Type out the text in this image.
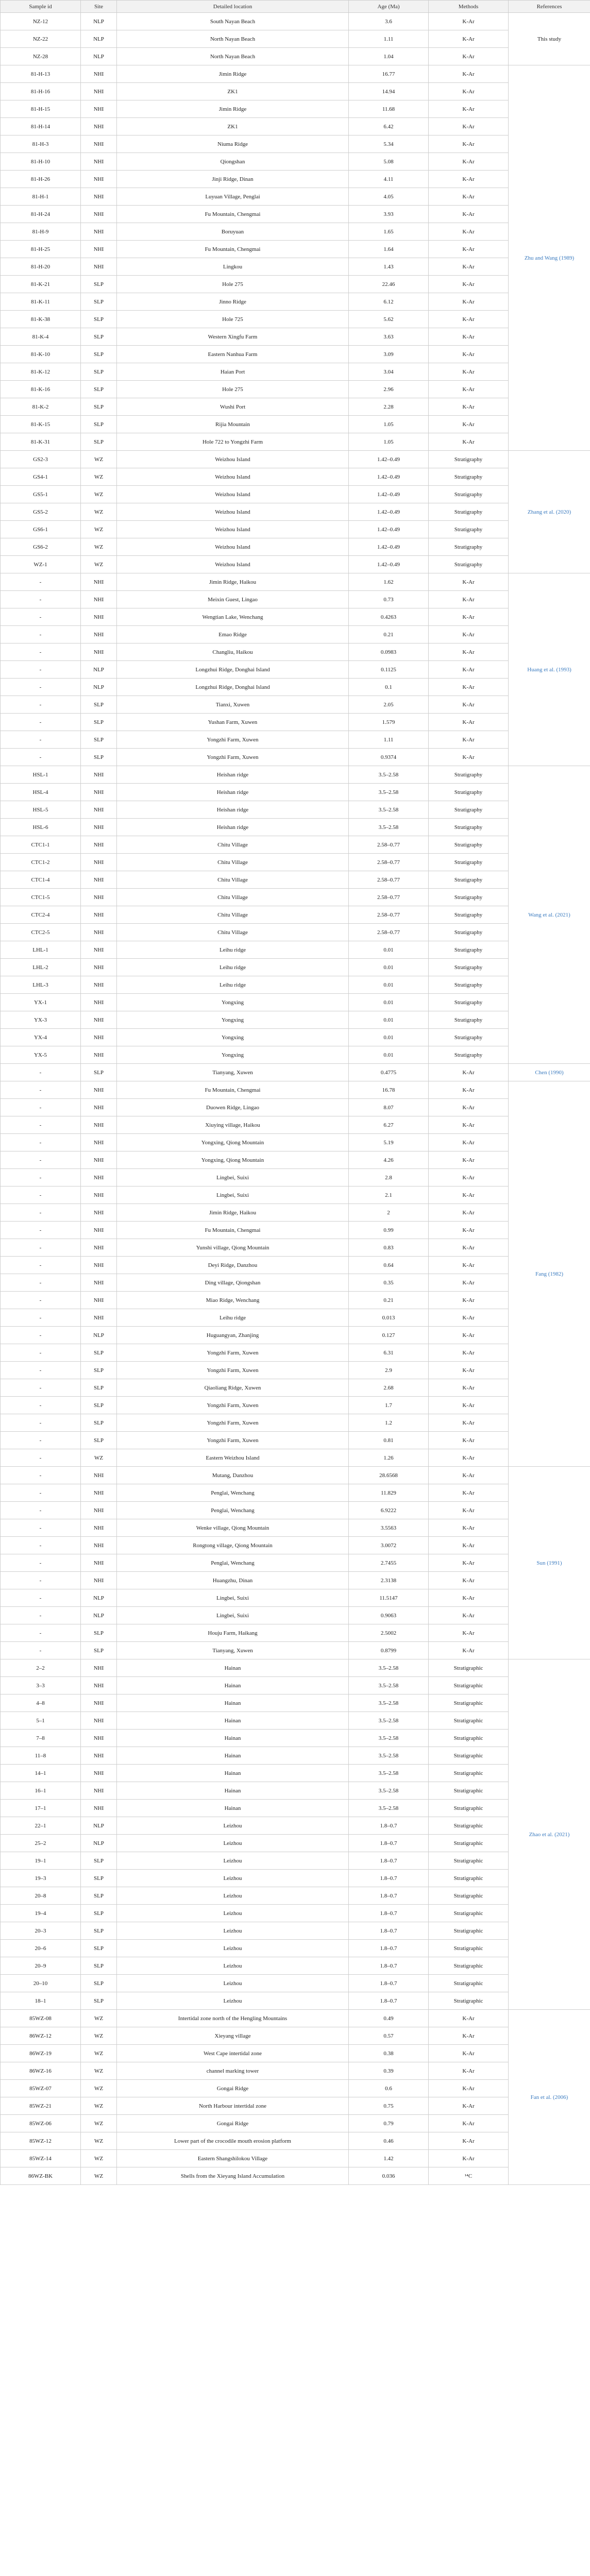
Sample id	Site	Detailed location	Age (Ma)	Methods	References
NZ-12	NLP	South Nayan Beach	3.6	K-Ar	This study
NZ-22	NLP	North Nayan Beach	1.11	K-Ar	
NZ-28	NLP	North Nayan Beach	1.04	K-Ar	
81-H-13	NHI	Jimin Ridge	16.77	K-Ar	Zhu and Wang (1989)
81-H-16	NHI	ZK1	14.94	K-Ar	
81-H-15	NHI	Jimin Ridge	11.68	K-Ar	
81-H-14	NHI	ZK1	6.42	K-Ar	
81-H-3	NHI	Niuma Ridge	5.34	K-Ar	
81-H-10	NHI	Qiongshan	5.08	K-Ar	
81-H-26	NHI	Jinji Ridge, Dinan	4.11	K-Ar	
81-H-1	NHI	Luyuan Village, Penglai	4.05	K-Ar	
81-H-24	NHI	Fu Mountain, Chengmai	3.93	K-Ar	
81-H-9	NHI	Boruyuan	1.65	K-Ar	
81-H-25	NHI	Fu Mountain, Chengmai	1.64	K-Ar	
81-H-20	NHI	Lingkou	1.43	K-Ar	
81-K-21	SLP	Hole 275	22.46	K-Ar	
81-K-11	SLP	Jinno Ridge	6.12	K-Ar	
81-K-38	SLP	Hole 725	5.62	K-Ar	
81-K-4	SLP	Western Xingfu Farm	3.63	K-Ar	
81-K-10	SLP	Eastern Nanhua Farm	3.09	K-Ar	
81-K-12	SLP	Haian Port	3.04	K-Ar	
81-K-16	SLP	Hole 275	2.96	K-Ar	
81-K-2	SLP	Wushi Port	2.28	K-Ar	
81-K-15	SLP	Rijia Mountain	1.05	K-Ar	
81-K-31	SLP	Hole 722 to Yongzhi Farm	1.05	K-Ar	
GS2-3	WZ	Weizhou Island	1.42–0.49	Stratigraphy	Zhang et al. (2020)
GS4-1	WZ	Weizhou Island	1.42–0.49	Stratigraphy	
GS5-1	WZ	Weizhou Island	1.42–0.49	Stratigraphy	
GS5-2	WZ	Weizhou Island	1.42–0.49	Stratigraphy	
GS6-1	WZ	Weizhou Island	1.42–0.49	Stratigraphy	
GS6-2	WZ	Weizhou Island	1.42–0.49	Stratigraphy	
WZ-1	WZ	Weizhou Island	1.42–0.49	Stratigraphy	
-	NHI	Jimin Ridge, Haikou	1.62	K-Ar	Huang et al. (1993)
-	NHI	Meixin Guest, Lingao	0.73	K-Ar	
-	NHI	Wengtian Lake, Wenchang	0.4263	K-Ar	
-	NHI	Emao Ridge	0.21	K-Ar	
-	NHI	Changliu, Haikou	0.0983	K-Ar	
-	NLP	Longzhui Ridge, Donghai Island	0.1125	K-Ar	
-	NLP	Longzhui Ridge, Donghai Island	0.1	K-Ar	
-	SLP	Tianxi, Xuwen	2.05	K-Ar	
-	SLP	Yushan Farm, Xuwen	1.579	K-Ar	
-	SLP	Yongzhi Farm, Xuwen	1.11	K-Ar	
-	SLP	Yongzhi Farm, Xuwen	0.9374	K-Ar	
HSL-1	NHI	Heishan ridge	3.5–2.58	Stratigraphy	Wang et al. (2021)
HSL-4	NHI	Heishan ridge	3.5–2.58	Stratigraphy	
HSL-5	NHI	Heishan ridge	3.5–2.58	Stratigraphy	
HSL-6	NHI	Heishan ridge	3.5–2.58	Stratigraphy	
CTC1-1	NHI	Chitu Village	2.58–0.77	Stratigraphy	
CTC1-2	NHI	Chitu Village	2.58–0.77	Stratigraphy	
CTC1-4	NHI	Chitu Village	2.58–0.77	Stratigraphy	
CTC1-5	NHI	Chitu Village	2.58–0.77	Stratigraphy	
CTC2-4	NHI	Chitu Village	2.58–0.77	Stratigraphy	
CTC2-5	NHI	Chitu Village	2.58–0.77	Stratigraphy	
LHL-1	NHI	Leihu ridge	0.01	Stratigraphy	
LHL-2	NHI	Leihu ridge	0.01	Stratigraphy	
LHL-3	NHI	Leihu ridge	0.01	Stratigraphy	
YX-1	NHI	Yongxing	0.01	Stratigraphy	
YX-3	NHI	Yongxing	0.01	Stratigraphy	
YX-4	NHI	Yongxing	0.01	Stratigraphy	
YX-5	NHI	Yongxing	0.01	Stratigraphy	
-	SLP	Tianyang, Xuwen	0.4775	K-Ar	Chen (1990)
-	NHI	Fu Mountain, Chengmai	16.78	K-Ar	Fang (1982)
-	NHI	Duowen Ridge, Lingao	8.07	K-Ar	
-	NHI	Xiuying village, Haikou	6.27	K-Ar	
-	NHI	Yongxing, Qiong Mountain	5.19	K-Ar	
-	NHI	Yongxing, Qiong Mountain	4.26	K-Ar	
-	NHI	Lingbei, Suixi	2.8	K-Ar	
-	NHI	Lingbei, Suixi	2.1	K-Ar	
-	NHI	Jimin Ridge, Haikou	2	K-Ar	
-	NHI	Fu Mountain, Chengmai	0.99	K-Ar	
-	NHI	Yunshi village, Qiong Mountain	0.83	K-Ar	
-	NHI	Deyi Ridge, Danzhou	0.64	K-Ar	
-	NHI	Ding village, Qiongshan	0.35	K-Ar	
-	NHI	Miao Ridge, Wenchang	0.21	K-Ar	
-	NHI	Leihu ridge	0.013	K-Ar	
-	NLP	Huguangyan, Zhanjing	0.127	K-Ar	
-	SLP	Yongzhi Farm, Xuwen	6.31	K-Ar	
-	SLP	Yongzhi Farm, Xuwen	2.9	K-Ar	
-	SLP	Qiaoliang Ridge, Xuwen	2.68	K-Ar	
-	SLP	Yongzhi Farm, Xuwen	1.7	K-Ar	
-	SLP	Yongzhi Farm, Xuwen	1.2	K-Ar	
-	SLP	Yongzhi Farm, Xuwen	0.81	K-Ar	
-	WZ	Eastern Weizhou Island	1.26	K-Ar	
-	NHI	Mutang, Danzhou	28.6568	K-Ar	Sun (1991)
-	NHI	Penglai, Wenchang	11.829	K-Ar	
-	NHI	Penglai, Wenchang	6.9222	K-Ar	
-	NHI	Wenke village, Qiong Mountain	3.5563	K-Ar	
-	NHI	Rongtong village, Qiong Mountain	3.0072	K-Ar	
-	NHI	Penglai, Wenchang	2.7455	K-Ar	
-	NHI	Huangzhu, Dinan	2.3138	K-Ar	
-	NLP	Lingbei, Suixi	11.5147	K-Ar	
-	NLP	Lingbei, Suixi	0.9063	K-Ar	
-	SLP	Houju Farm, Haikang	2.5002	K-Ar	
-	SLP	Tianyang, Xuwen	0.8799	K-Ar	
2–2	NHI	Hainan	3.5–2.58	Stratigraphic	Zhao et al. (2021)
3–3	NHI	Hainan	3.5–2.58	Stratigraphic	
4–8	NHI	Hainan	3.5–2.58	Stratigraphic	
5–1	NHI	Hainan	3.5–2.58	Stratigraphic	
7–8	NHI	Hainan	3.5–2.58	Stratigraphic	
11–8	NHI	Hainan	3.5–2.58	Stratigraphic	
14–1	NHI	Hainan	3.5–2.58	Stratigraphic	
16–1	NHI	Hainan	3.5–2.58	Stratigraphic	
17–1	NHI	Hainan	3.5–2.58	Stratigraphic	
22–1	NLP	Leizhou	1.8–0.7	Stratigraphic	
25–2	NLP	Leizhou	1.8–0.7	Stratigraphic	
19–1	SLP	Leizhou	1.8–0.7	Stratigraphic	
19–3	SLP	Leizhou	1.8–0.7	Stratigraphic	
20–8	SLP	Leizhou	1.8–0.7	Stratigraphic	
19–4	SLP	Leizhou	1.8–0.7	Stratigraphic	
20–3	SLP	Leizhou	1.8–0.7	Stratigraphic	
20–6	SLP	Leizhou	1.8–0.7	Stratigraphic	
20–9	SLP	Leizhou	1.8–0.7	Stratigraphic	
20–10	SLP	Leizhou	1.8–0.7	Stratigraphic	
18–1	SLP	Leizhou	1.8–0.7	Stratigraphic	
85WZ-08	WZ	Intertidal zone north of the Hengling Mountains	0.49	K-Ar	Fan et al. (2006)
86WZ-12	WZ	Xieyang village	0.57	K-Ar	
86WZ-19	WZ	West Cape intertidal zone	0.38	K-Ar	
86WZ-16	WZ	channel marking tower	0.39	K-Ar	
85WZ-07	WZ	Gongai Ridge	0.6	K-Ar	
85WZ-21	WZ	North Harbour intertidal zone	0.75	K-Ar	
85WZ-06	WZ	Gongai Ridge	0.79	K-Ar	
85WZ-12	WZ	Lower part of the crocodile mouth erosion platform	0.46	K-Ar	
85WZ-14	WZ	Eastern Shangshilokou Village	1.42	K-Ar	
86WZ-BK	WZ	Shells from the Xieyang Island Accumulation	0.036	¹⁴C	
